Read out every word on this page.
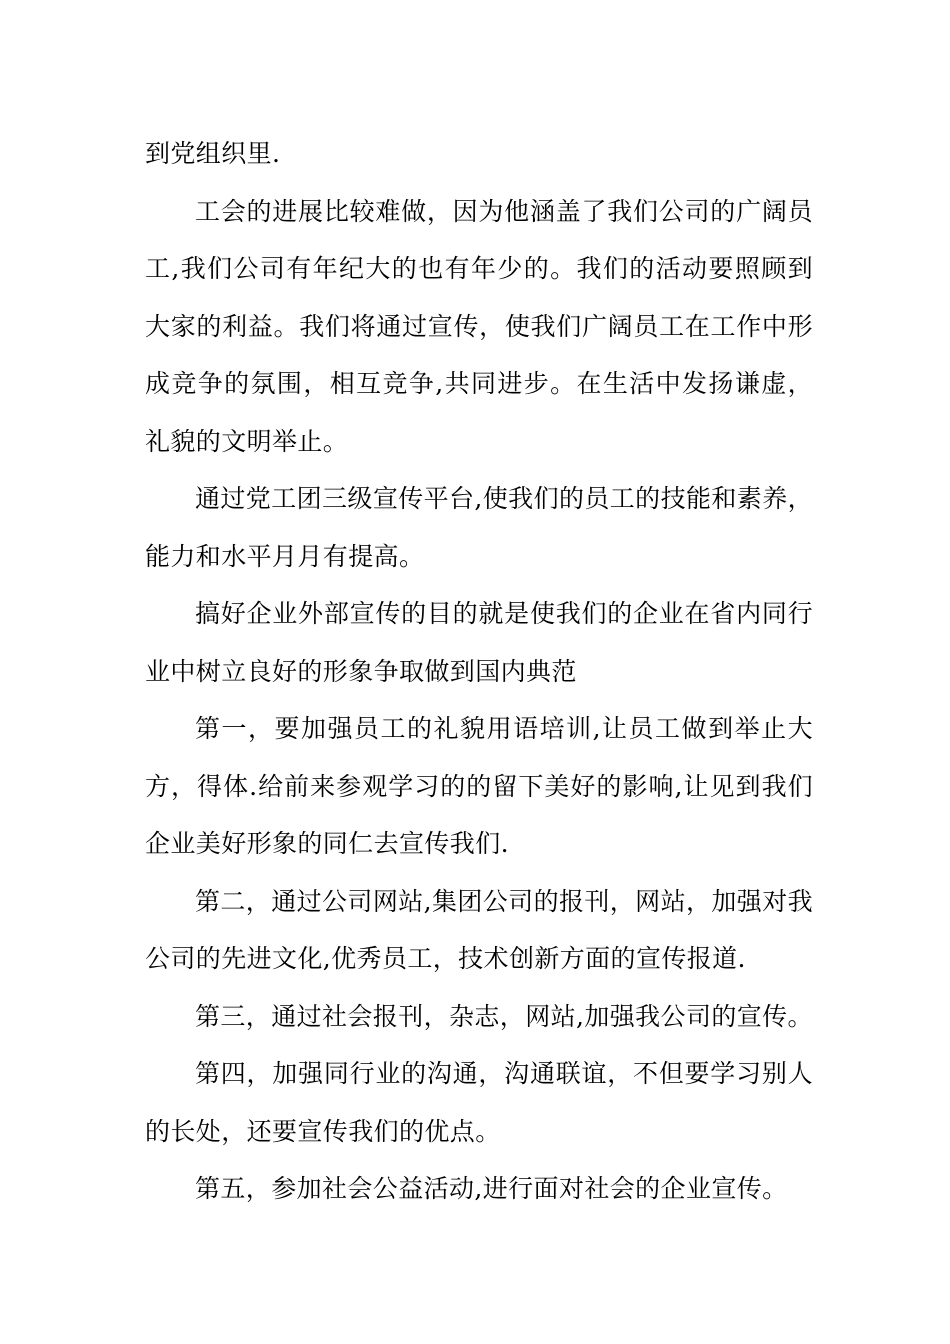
到党组织里.

工会的进展比较难做，因为他涵盖了我们公司的广阔员工,我们公司有年纪大的也有年少的。我们的活动要照顾到大家的利益。我们将通过宣传，使我们广阔员工在工作中形成竞争的氛围，相互竞争,共同进步。在生活中发扬谦虚，礼貌的文明举止。

通过党工团三级宣传平台,使我们的员工的技能和素养，能力和水平月月有提高。

搞好企业外部宣传的目的就是使我们的企业在省内同行业中树立良好的形象争取做到国内典范

第一，要加强员工的礼貌用语培训,让员工做到举止大方，得体.给前来参观学习的的留下美好的影响,让见到我们企业美好形象的同仁去宣传我们.

第二，通过公司网站,集团公司的报刊，网站，加强对我公司的先进文化,优秀员工，技术创新方面的宣传报道.

第三，通过社会报刊，杂志，网站,加强我公司的宣传。

第四，加强同行业的沟通，沟通联谊，不但要学习别人的长处，还要宣传我们的优点。

第五，参加社会公益活动,进行面对社会的企业宣传。
